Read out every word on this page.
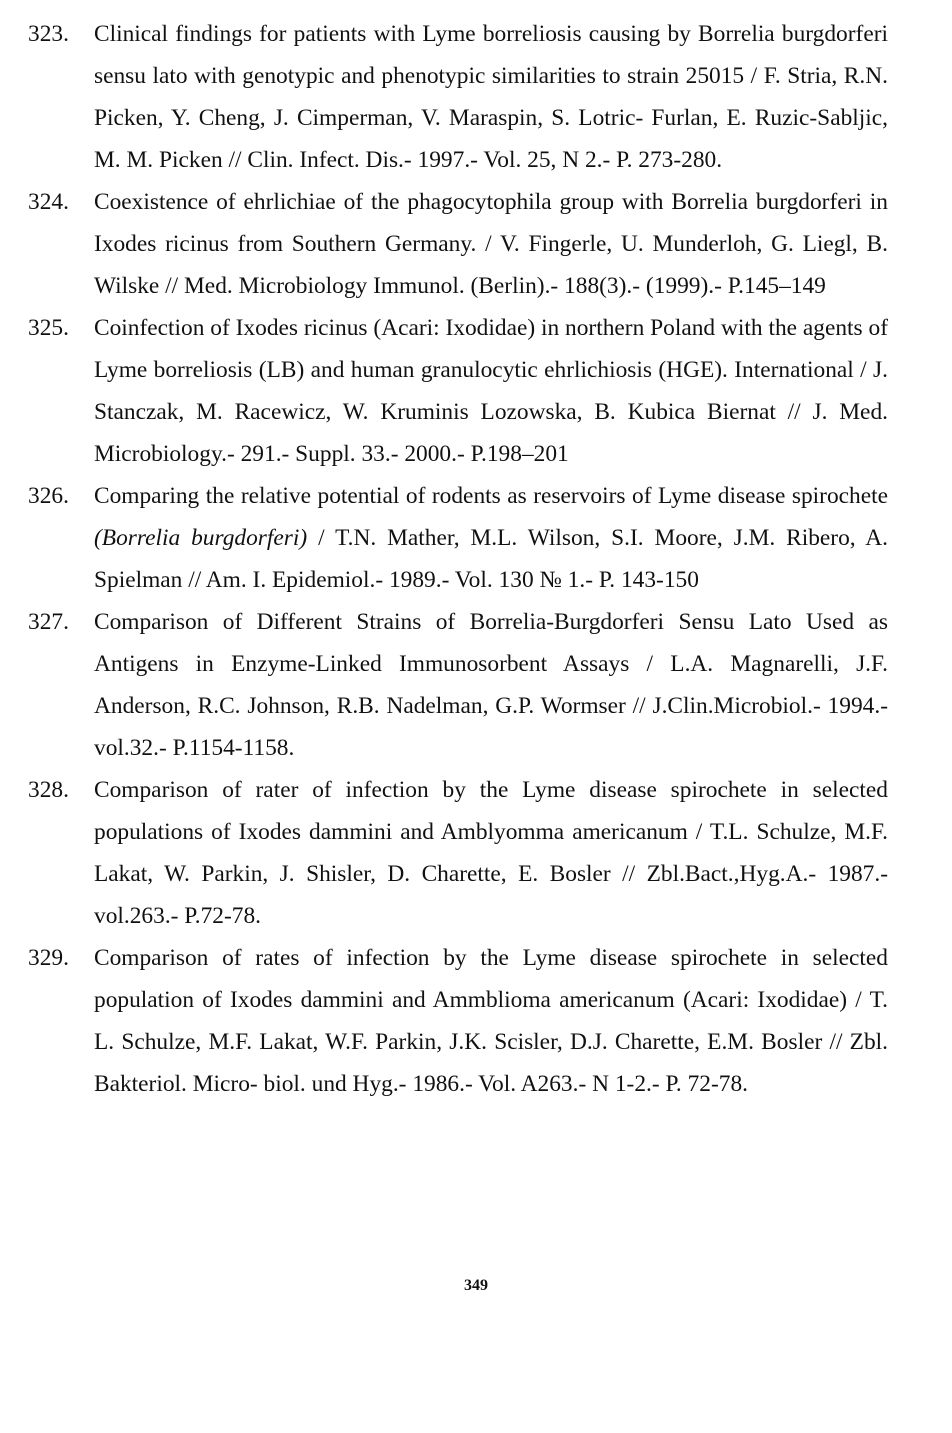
323. Clinical findings for patients with Lyme borreliosis causing by Borrelia burgdorferi sensu lato with genotypic and phenotypic similarities to strain 25015 / F. Stria, R.N. Picken, Y. Cheng, J. Cimperman, V. Maraspin, S. Lotric- Furlan, E. Ruzic-Sabljic, M. M. Picken // Clin. Infect. Dis.- 1997.- Vol. 25, N 2.- P. 273-280.
324. Coexistence of ehrlichiae of the phagocytophila group with Borrelia burgdorferi in Ixodes ricinus from Southern Germany. / V. Fingerle, U. Munderloh, G. Liegl, B. Wilske // Med. Microbiology Immunol. (Berlin).- 188(3).- (1999).- P.145–149
325. Coinfection of Ixodes ricinus (Acari: Ixodidae) in northern Poland with the agents of Lyme borreliosis (LB) and human granulocytic ehrlichiosis (HGE). International / J. Stanczak, M. Racewicz, W. Kruminis Lozowska, B. Kubica Biernat // J. Med. Microbiology.- 291.- Suppl. 33.- 2000.- P.198–201
326. Comparing the relative potential of rodents as reservoirs of Lyme disease spirochete (Borrelia burgdorferi) / T.N. Mather, M.L. Wilson, S.I. Moore, J.M. Ribero, A. Spielman // Am. I. Epidemiol.- 1989.- Vol. 130 № 1.- P. 143-150
327. Comparison of Different Strains of Borrelia-Burgdorferi Sensu Lato Used as Antigens in Enzyme-Linked Immunosorbent Assays / L.A. Magnarelli, J.F. Anderson, R.C. Johnson, R.B. Nadelman, G.P. Wormser // J.Clin.Microbiol.- 1994.- vol.32.- P.1154-1158.
328. Comparison of rater of infection by the Lyme disease spirochete in selected populations of Ixodes dammini and Amblyomma americanum / T.L. Schulze, M.F. Lakat, W. Parkin, J. Shisler, D. Charette, E. Bosler // Zbl.Bact.,Hyg.A.- 1987.- vol.263.- P.72-78.
329. Comparison of rates of infection by the Lyme disease spirochete in selected population of Ixodes dammini and Ammblioma americanum (Acari: Ixodidae) / T. L. Schulze, M.F. Lakat, W.F. Parkin, J.K. Scisler, D.J. Charette, E.M. Bosler // Zbl. Bakteriol. Micro- biol. und Hyg.- 1986.- Vol. A263.- N 1-2.- P. 72-78.
349
